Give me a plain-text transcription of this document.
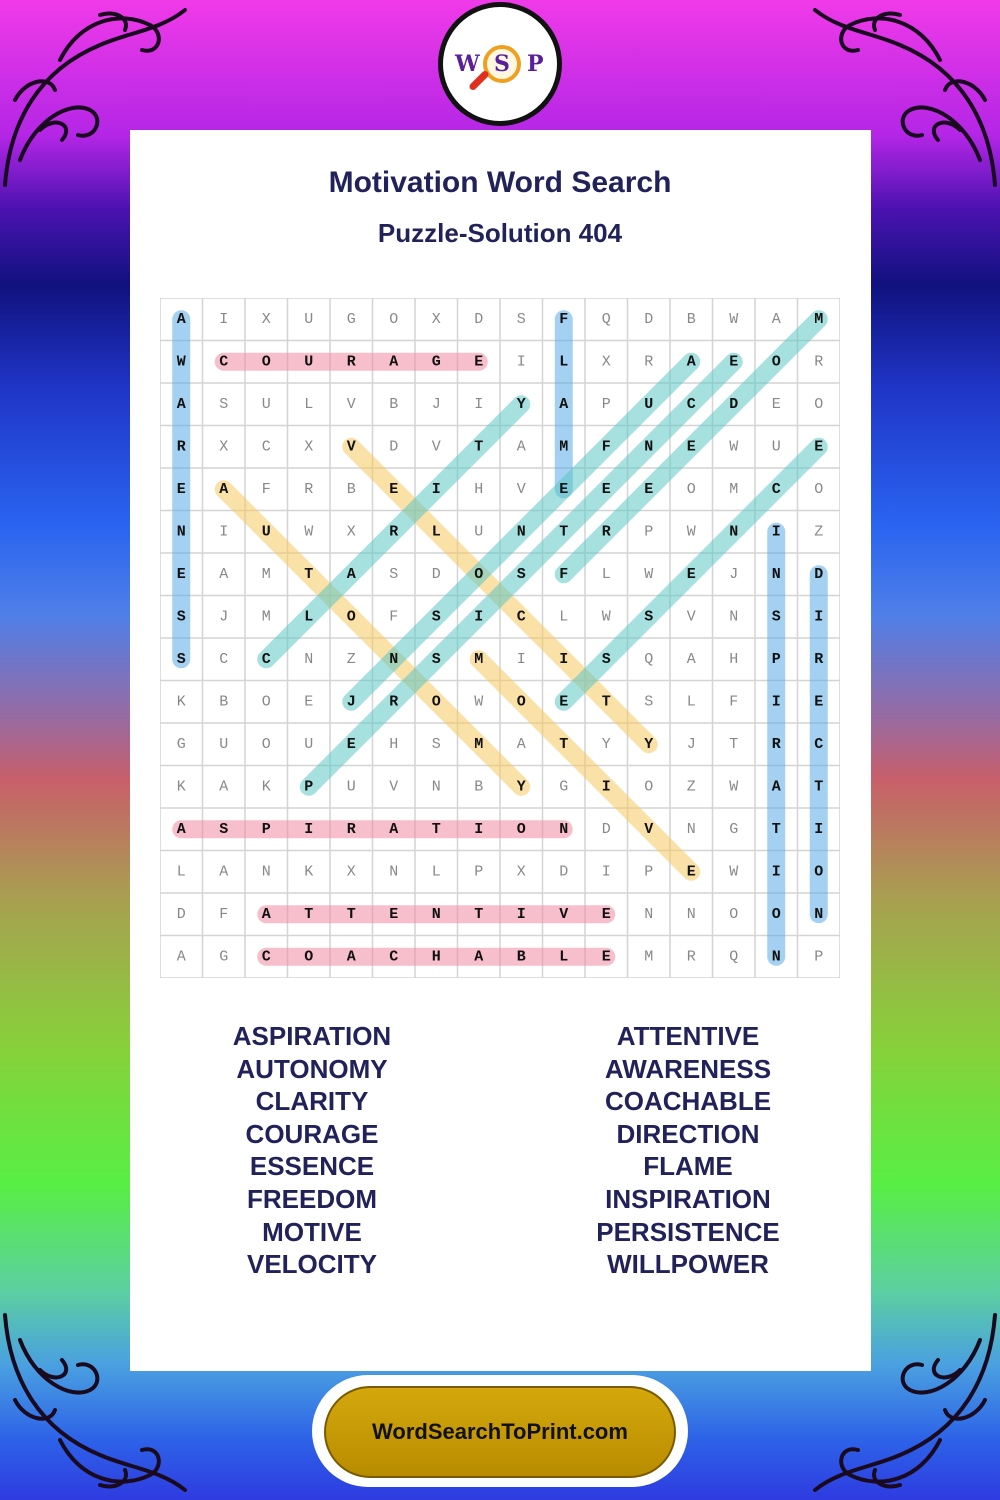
W S P
Motivation Word Search
Puzzle-Solution 404
A I X U G O X D S F Q D B W A M
W C O U R A G E I L X R A E O R
A S U L V B J I Y A P U C D E O
R X C X V D V T A M F N E W U E
E A F R B E I H V E E E O M C O
N I U W X R L U N T R P W N I Z
E A M T A S D O S F L W E J N D
S J M L O F S I C L W S V N S I
S C C N Z N S M I I S Q A H P R
K B O E J R O W O E T S L F I E
G U O U E H S M A T Y Y J T R C
K A K P U V N B Y G I O Z W A T
A S P I R A T I O N D V N G T I
L A N K X N L P X D I P E W I O
D F A T T E N T I V E N N O O N
A G C O A C H A B L E M R Q N P
ASPIRATION
AUTONOMY
CLARITY
COURAGE
ESSENCE
FREEDOM
MOTIVE
VELOCITY
ATTENTIVE
AWARENESS
COACHABLE
DIRECTION
FLAME
INSPIRATION
PERSISTENCE
WILLPOWER
WordSearchToPrint.com
